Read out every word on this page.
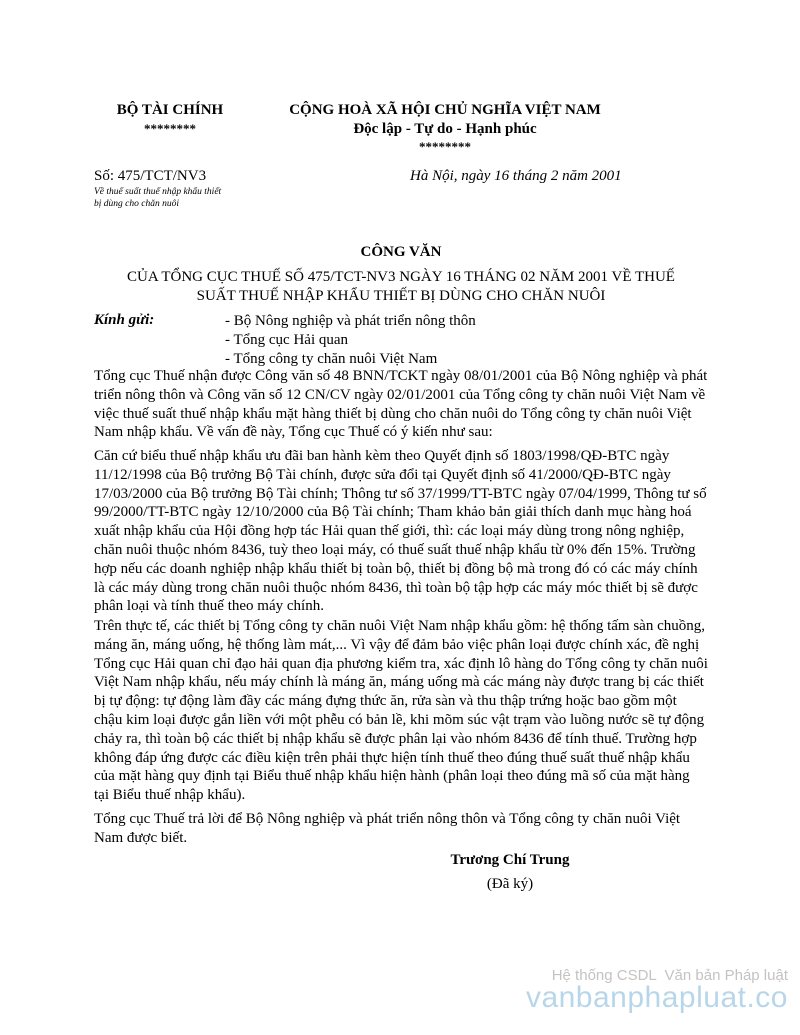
BỘ TÀI CHÍNH
********
CỘNG HOÀ XÃ HỘI CHỦ NGHĨA VIỆT NAM
Độc lập - Tự do - Hạnh phúc
********
Số: 475/TCT/NV3
Về thuế suất thuế nhập khẩu thiết
bị dùng cho chăn nuôi
Hà Nội, ngày 16 tháng 2 năm 2001
CÔNG VĂN
CỦA TỔNG CỤC THUẾ SỐ 475/TCT-NV3 NGÀY 16 THÁNG 02 NĂM 2001 VỀ THUẾ
SUẤT THUẾ NHẬP KHẨU THIẾT BỊ DÙNG CHO CHĂN NUÔI
Kính gửi:	- Bộ Nông nghiệp và phát triển nông thôn
- Tổng cục Hải quan
- Tổng công ty chăn nuôi Việt Nam

Tổng cục Thuế nhận được Công văn số 48 BNN/TCKT ngày 08/01/2001 của Bộ Nông nghiệp và phát triển nông thôn và Công văn số 12 CN/CV ngày 02/01/2001 của Tổng công ty chăn nuôi Việt Nam về việc thuế suất thuế nhập khẩu mặt hàng thiết bị dùng cho chăn nuôi do Tổng công ty chăn nuôi Việt Nam nhập khẩu. Về vấn đề này, Tổng cục Thuế có ý kiến như sau:

Căn cứ biểu thuế nhập khẩu ưu đãi ban hành kèm theo Quyết định số 1803/1998/QĐ-BTC ngày 11/12/1998 của Bộ trưởng Bộ Tài chính, được sửa đổi tại Quyết định số 41/2000/QĐ-BTC ngày 17/03/2000 của Bộ trưởng Bộ Tài chính; Thông tư số 37/1999/TT-BTC ngày 07/04/1999, Thông tư số 99/2000/TT-BTC ngày 12/10/2000 của Bộ Tài chính; Tham khảo bản giải thích danh mục hàng hoá xuất nhập khẩu của Hội đồng hợp tác Hải quan thế giới, thì: các loại máy dùng trong nông nghiệp, chăn nuôi thuộc nhóm 8436, tuỳ theo loại máy, có thuế suất thuế nhập khẩu từ 0% đến 15%. Trường hợp nếu các doanh nghiệp nhập khẩu thiết bị toàn bộ, thiết bị đồng bộ mà trong đó có các máy chính là các máy dùng trong chăn nuôi thuộc nhóm 8436, thì toàn bộ tập hợp các máy móc thiết bị sẽ được phân loại và tính thuế theo máy chính.

Trên thực tế, các thiết bị Tổng công ty chăn nuôi Việt Nam nhập khẩu gồm: hệ thống tấm sàn chuồng, máng ăn, máng uống, hệ thống làm mát,... Vì vậy để đảm bảo việc phân loại được chính xác, đề nghị Tổng cục Hải quan chỉ đạo hải quan địa phương kiểm tra, xác định lô hàng do Tổng công ty chăn nuôi Việt Nam nhập khẩu, nếu máy chính là máng ăn, máng uống mà các máng này được trang bị các thiết bị tự động: tự động làm đầy các máng đựng thức ăn, rửa sàn và thu thập trứng hoặc bao gồm một chậu kim loại được gắn liền với một phễu có bản lề, khi mõm súc vật trạm vào luồng nước sẽ tự động chảy ra, thì toàn bộ các thiết bị nhập khẩu sẽ được phân lại vào nhóm 8436 để tính thuế. Trường hợp không đáp ứng được các điều kiện trên phải thực hiện tính thuế theo đúng thuế suất thuế nhập khẩu của mặt hàng quy định tại Biểu thuế nhập khẩu hiện hành (phân loại theo đúng mã số của mặt hàng tại Biểu thuế nhập khẩu).

Tổng cục Thuế trả lời để Bộ Nông nghiệp và phát triển nông thôn và Tổng công ty chăn nuôi Việt Nam được biết.

Trương Chí Trung
(Đã ký)
Hệ thống CSDL  Văn bản Pháp luật
vanbanphapluat.co
